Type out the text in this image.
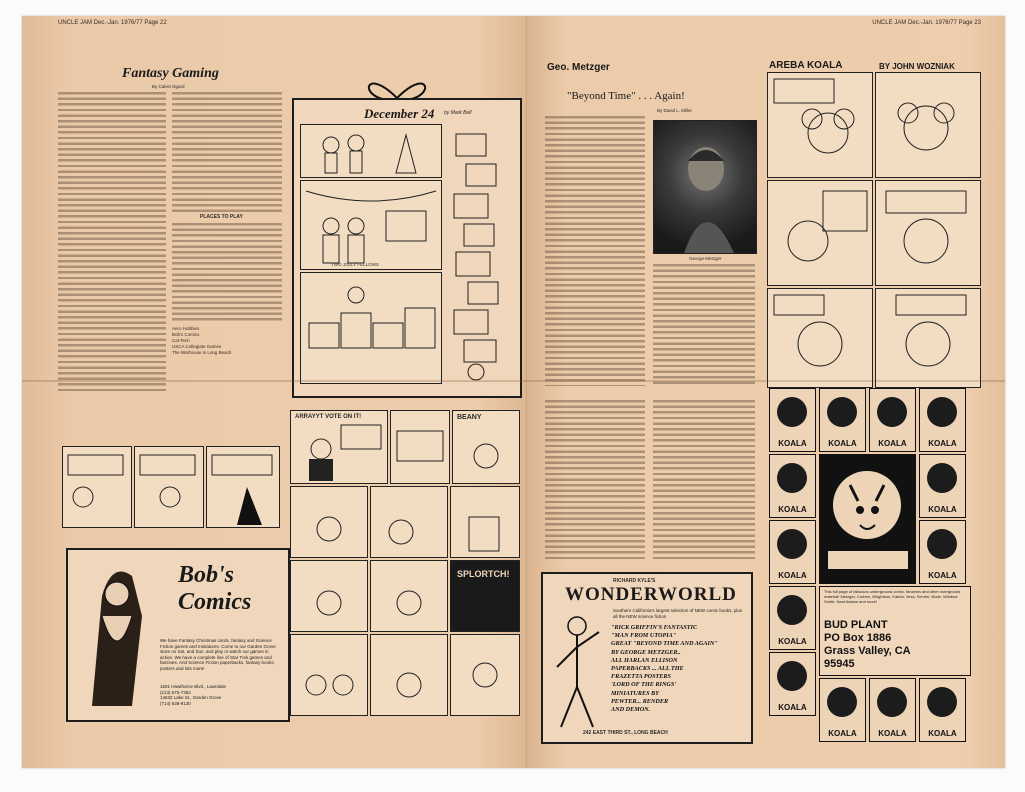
UNCLE JAM Dec.-Jan. 1976/77 Page 22
Fantasy Gaming
By Calvin Dgard
PLACES TO PLAY
Aero Hobbies
Bob's Comics
Cal-Tech
USCA Collegiate Games
The Warhouse in Long Beach
December 24 by Mark Bell
TWO JOLLY FELLOWS
Bob's Comics
We have Fantasy Christmas cards, fantasy and Science Fiction games and miniatures. Come to our Garden Grove store on Sat. and Sun. and play or watch our games in action. We have a complete line of Star Trek games and fanzines. And Science Fiction paperbacks, fantasy books, posters and lots more!
1601 Hawthorne Blvd., Lawndale
(213) 675-7352
14632 Lake St., Garden Grove
(714) 638-9130
ARRAYYT VOTE ON IT!	BEANY
SPLORTCH!
UNCLE JAM Dec.-Jan. 1976/77 Page 23
Geo. Metzger
"Beyond Time" . . . Again!
By David L. Miller
George Metzger
AREBA KOALA	BY JOHN WOZNIAK
RICHARD KYLE'S
WONDERWORLD
Southern California's largest selection of NEW comic books, plus all the NEW science fiction
"RICK GRIFFIN'S FANTASTIC
"MAN FROM UTOPIA"
GREAT "BEYOND TIME AND AGAIN"
BY GEORGE METZGER..
ALL HARLAN ELLISON
PAPERBACKS ... ALL THE
FRAZETTA POSTERS
'LORD OF THE RINGS'
MINIATURES BY
PEWTER... RENDER
AND DEMON.
242 EAST THIRD ST., LONG BEACH
KOALA	KOALA	KOALA	KOALA
KOALA	KOALA
KOALA	KOALA
KOALA
KOALA
KOALA	KOALA	KOALA
This full page of fabulous underground comix, fanzines and other overground material! Metzger, Corben, Wrightson, Kaluta, Vess, Schrier, Bode, Windsor Smith, Neal Adams and more!
BUD PLANT
PO Box 1886
Grass Valley, CA
95945
